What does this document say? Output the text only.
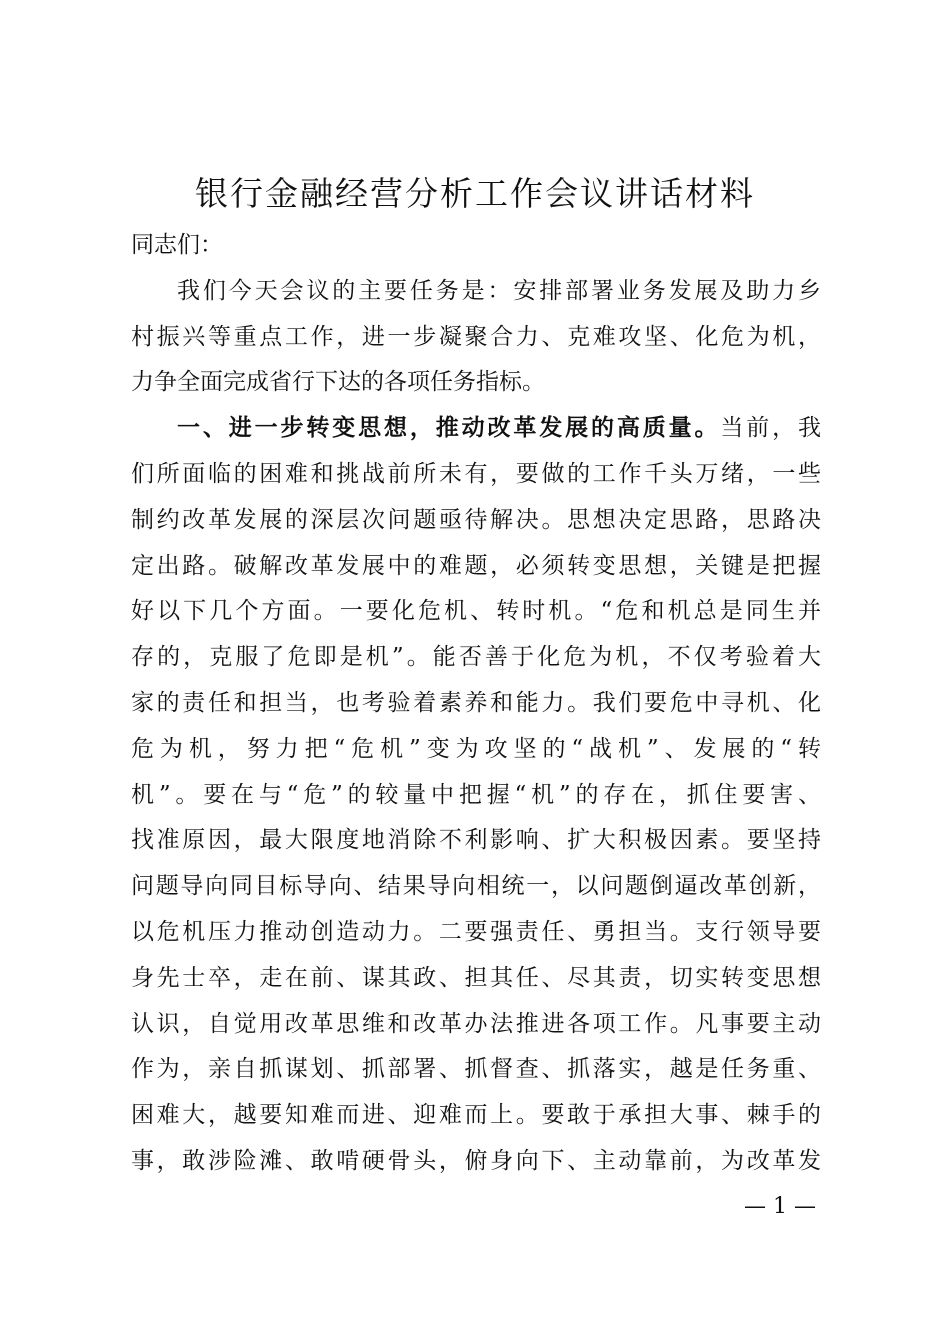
银行金融经营分析工作会议讲话材料
同志们：
我们今天会议的主要任务是：安排部署业务发展及助力乡
村振兴等重点工作，进一步凝聚合力、克难攻坚、化危为机，
力争全面完成省行下达的各项任务指标。
一、进一步转变思想，推动改革发展的高质量。当前，我
们所面临的困难和挑战前所未有，要做的工作千头万绪，一些
制约改革发展的深层次问题亟待解决。思想决定思路，思路决
定出路。破解改革发展中的难题，必须转变思想，关键是把握
好以下几个方面。一要化危机、转时机。“危和机总是同生并
存的，克服了危即是机”。能否善于化危为机，不仅考验着大
家的责任和担当，也考验着素养和能力。我们要危中寻机、化
危为机，努力把“危机”变为攻坚的“战机”、发展的“转
机”。要在与“危”的较量中把握“机”的存在，抓住要害、
找准原因，最大限度地消除不利影响、扩大积极因素。要坚持
问题导向同目标导向、结果导向相统一，以问题倒逼改革创新，
以危机压力推动创造动力。二要强责任、勇担当。支行领导要
身先士卒，走在前、谋其政、担其任、尽其责，切实转变思想
认识，自觉用改革思维和改革办法推进各项工作。凡事要主动
作为，亲自抓谋划、抓部署、抓督查、抓落实，越是任务重、
困难大，越要知难而进、迎难而上。要敢于承担大事、棘手的
事，敢涉险滩、敢啃硬骨头，俯身向下、主动靠前，为改革发
— 1 —
